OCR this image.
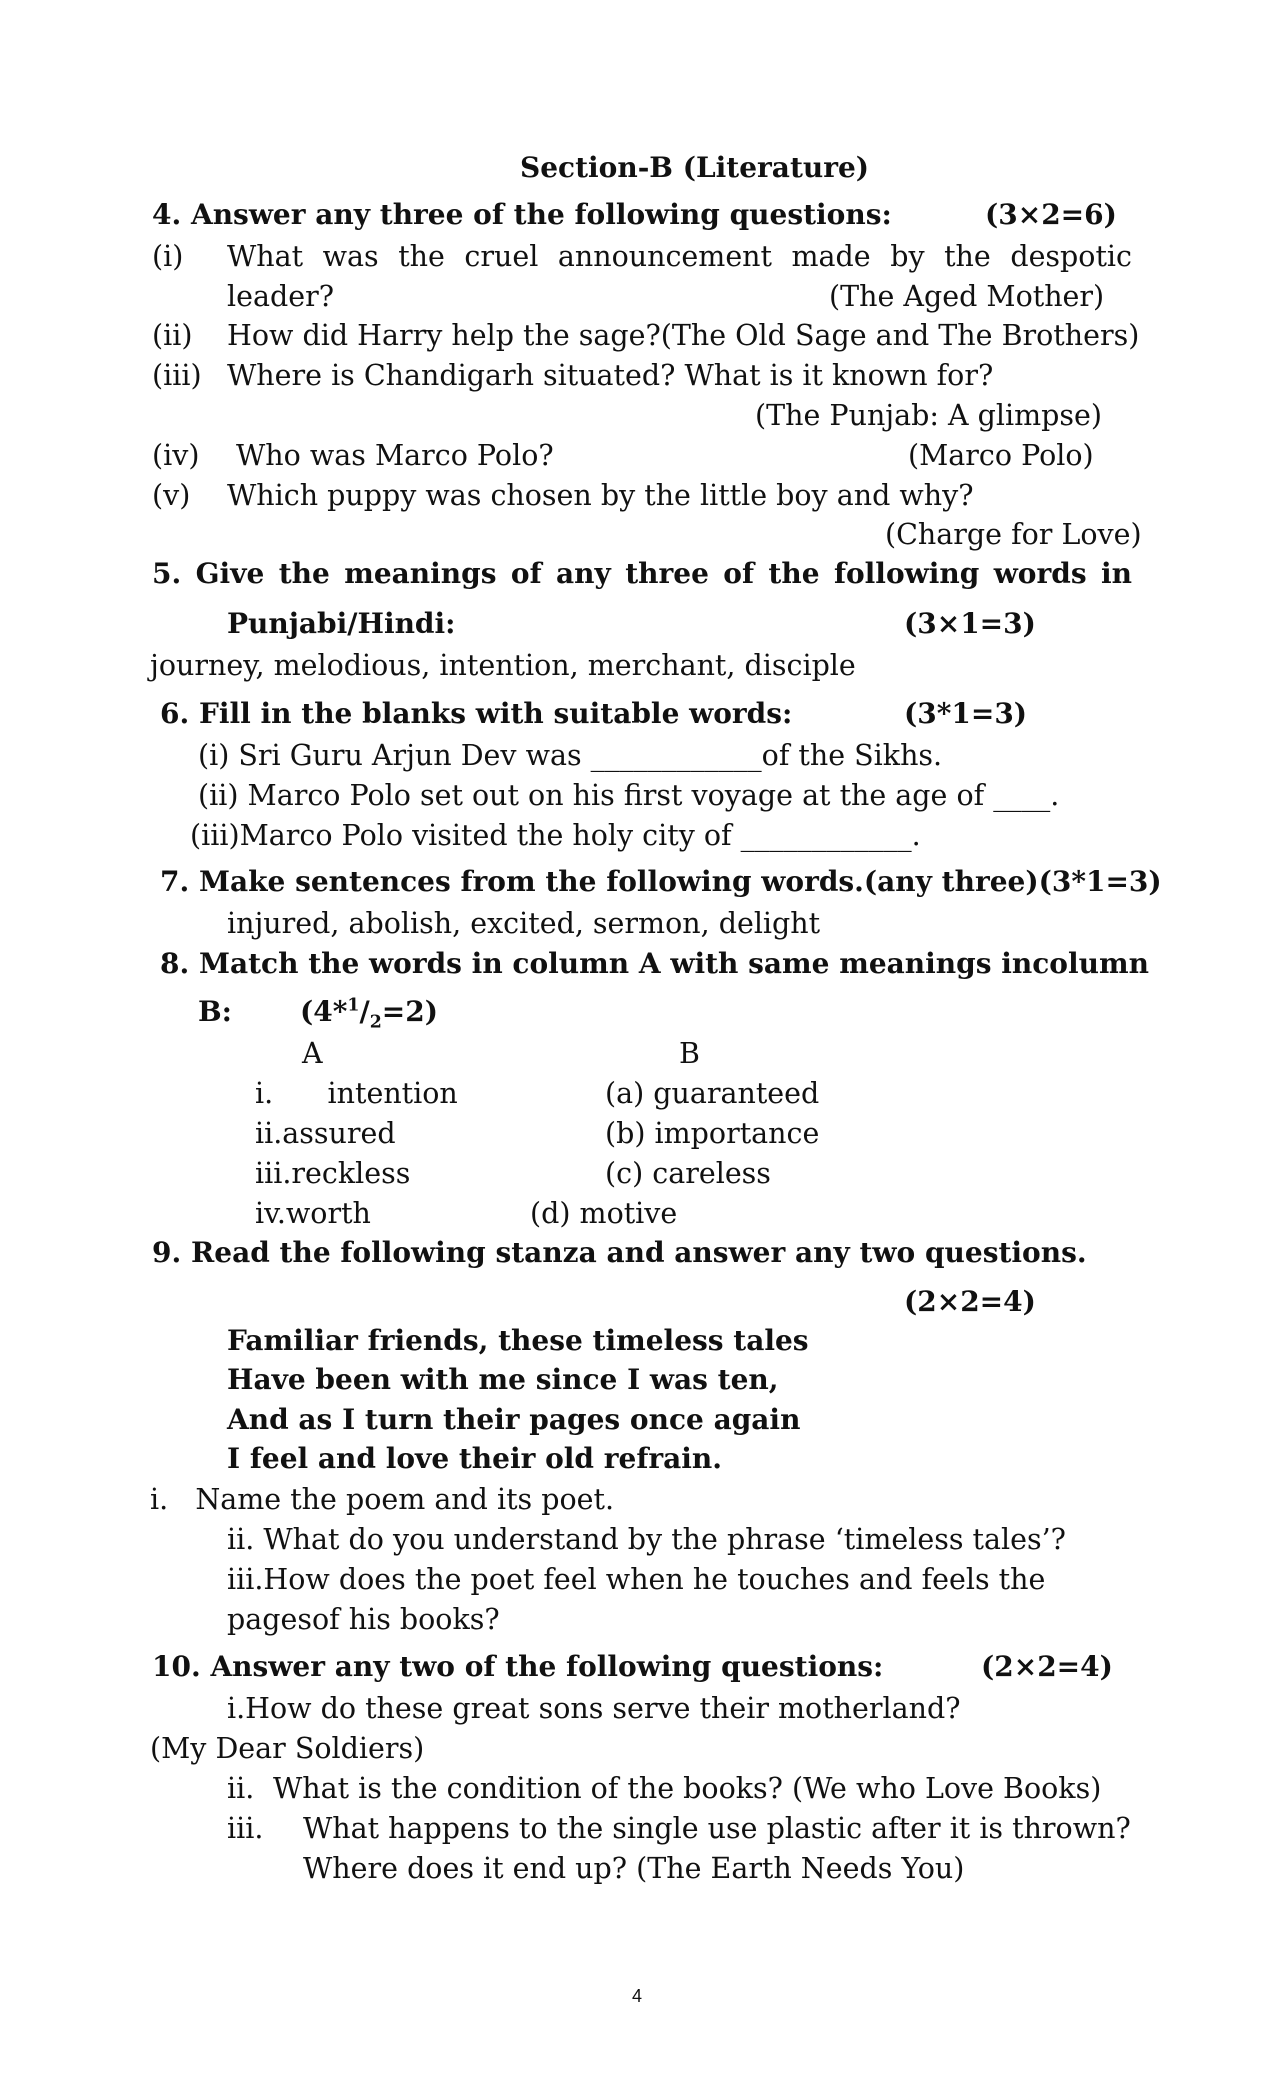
Section-B (Literature)
4. Answer any three of the following questions:	(3×2=6)
(i) What was the cruel announcement made by the despotic
leader?	(The Aged Mother)
(ii) How did Harry help the sage?(The Old Sage and The Brothers)
(iii) Where is Chandigarh situated? What is it known for?
(The Punjab: A glimpse)
(iv) Who was Marco Polo?	(Marco Polo)
(v) Which puppy was chosen by the little boy and why?
(Charge for Love)
5. Give the meanings of any three of the following words in
Punjabi/Hindi:	(3×1=3)
journey, melodious, intention, merchant, disciple
6. Fill in the blanks with suitable words:	(3*1=3)
(i) Sri Guru Arjun Dev was ____________of the Sikhs.
(ii) Marco Polo set out on his first voyage at the age of ____.
(iii)Marco Polo visited the holy city of ____________.
7. Make sentences from the following words.(any three)(3*1=3)
injured, abolish, excited, sermon, delight
8. Match the words in column A with same meanings incolumn
B: $(4*^1/_2=2)$
A	B
i.      intention	(a) guaranteed
ii.assured	(b) importance
iii.reckless	(c) careless
iv.worth	(d) motive
9. Read the following stanza and answer any two questions.
(2×2=4)
Familiar friends, these timeless tales
Have been with me since I was ten,
And as I turn their pages once again
I feel and love their old refrain.
i.   Name the poem and its poet.
ii. What do you understand by the phrase ‘timeless tales’?
iii.How does the poet feel when he touches and feels the
pagesof his books?
10. Answer any two of the following questions:	(2×2=4)
i.How do these great sons serve their motherland?
(My Dear Soldiers)
ii. What is the condition of the books? (We who Love Books)
iii. What happens to the single use plastic after it is thrown?
Where does it end up? (The Earth Needs You)
4
